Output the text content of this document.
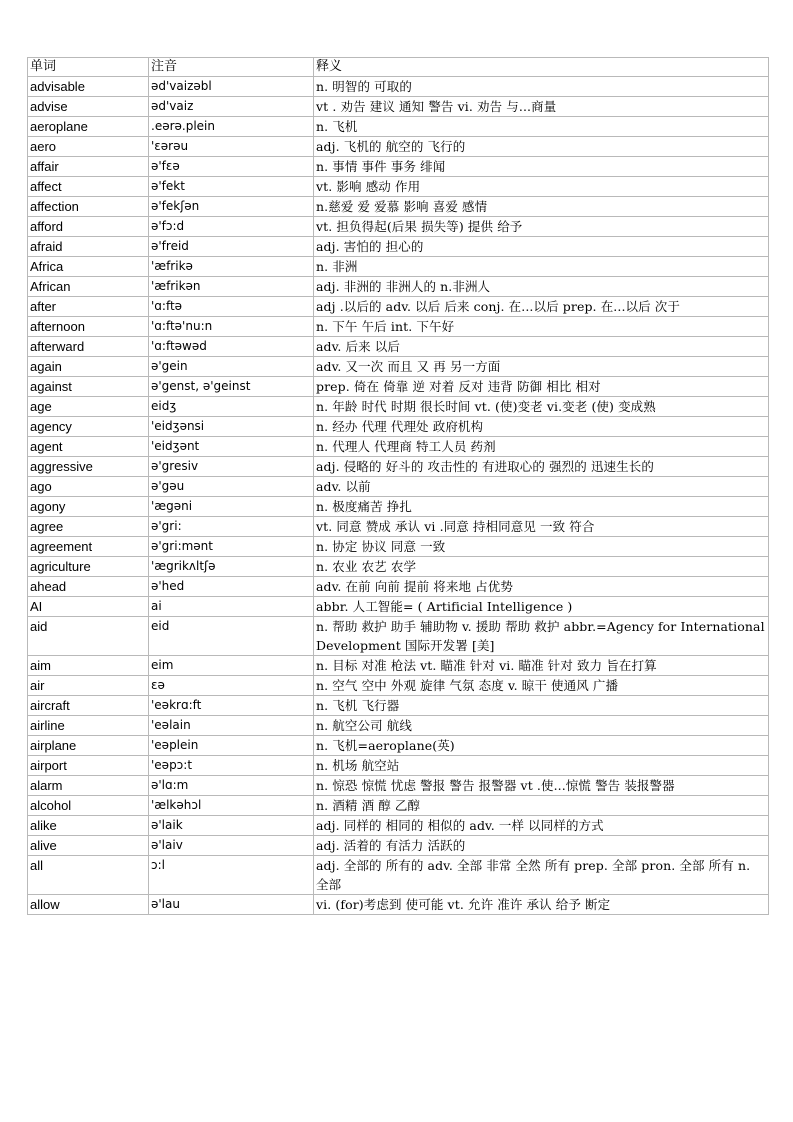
单词	注音	释义
advisable	əd'vaizəbl	n. 明智的 可取的
advise	əd'vaiz	vt . 劝告 建议 通知 警告 vi. 劝告 与...商量
aeroplane	.eərə.plein	n. 飞机
aero	'ɛərəu	adj. 飞机的 航空的 飞行的
affair	ə'fɛə	n. 事情 事件 事务 绯闻
affect	ə'fekt	vt. 影响 感动 作用
affection	ə'fekʃən	n.慈爱 爱 爱慕 影响 喜爱 感情
afford	ə'fɔ:d	vt. 担负得起(后果 损失等) 提供 给予
afraid	ə'freid	adj. 害怕的 担心的
Africa	'æfrikə	n. 非洲
African	'æfrikən	adj. 非洲的 非洲人的 n.非洲人
after	'ɑ:ftə	adj .以后的 adv. 以后 后来 conj. 在...以后 prep. 在...以后 次于
afternoon	'ɑ:ftə'nu:n	n. 下午 午后 int. 下午好
afterward	'ɑ:ftəwəd	adv. 后来 以后
again	ə'gein	adv. 又一次 而且 又 再 另一方面
against	ə'genst, ə'geinst	prep. 倚在 倚靠 逆 对着 反对 违背 防御 相比 相对
age	eidʒ	n. 年龄 时代 时期 很长时间 vt. (使)变老 vi.变老 (使) 变成熟
agency	'eidʒənsi	n. 经办 代理 代理处 政府机构
agent	'eidʒənt	n. 代理人 代理商 特工人员 药剂
aggressive	ə'gresiv	adj. 侵略的 好斗的 攻击性的 有进取心的 强烈的 迅速生长的
ago	ə'gəu	adv. 以前
agony	'ægəni	n. 极度痛苦 挣扎
agree	ə'gri:	vt. 同意 赞成 承认 vi .同意 持相同意见 一致 符合
agreement	ə'gri:mənt	n. 协定 协议 同意 一致
agriculture	'ægrikʌltʃə	n. 农业 农艺 农学
ahead	ə'hed	adv. 在前 向前 提前 将来地 占优势
AI	ai	abbr. 人工智能= ( Artificial Intelligence )
aid	eid	n. 帮助 救护 助手 辅助物 v. 援助 帮助 救护 abbr.=Agency for International Development 国际开发署 [美]
aim	eim	n. 目标 对准 枪法 vt. 瞄准 针对 vi. 瞄准 针对 致力 旨在打算
air	ɛə	n. 空气 空中 外观 旋律 气氛 态度 v. 晾干 使通风 广播
aircraft	'eəkrɑ:ft	n. 飞机 飞行器
airline	'eəlain	n. 航空公司 航线
airplane	'eəplein	n. 飞机=aeroplane(英)
airport	'eəpɔ:t	n. 机场 航空站
alarm	ə'lɑ:m	n. 惊恐 惊慌 忧虑 警报 警告 报警器 vt .使...惊慌 警告 装报警器
alcohol	'ælkəhɔl	n. 酒精 酒 醇 乙醇
alike	ə'laik	adj. 同样的 相同的 相似的 adv. 一样 以同样的方式
alive	ə'laiv	adj. 活着的 有活力 活跃的
all	ɔ:l	adj. 全部的 所有的 adv. 全部 非常 全然 所有 prep. 全部 pron. 全部 所有 n. 全部
allow	ə'lau	vi. (for)考虑到 使可能 vt. 允许 准许 承认 给予 断定
